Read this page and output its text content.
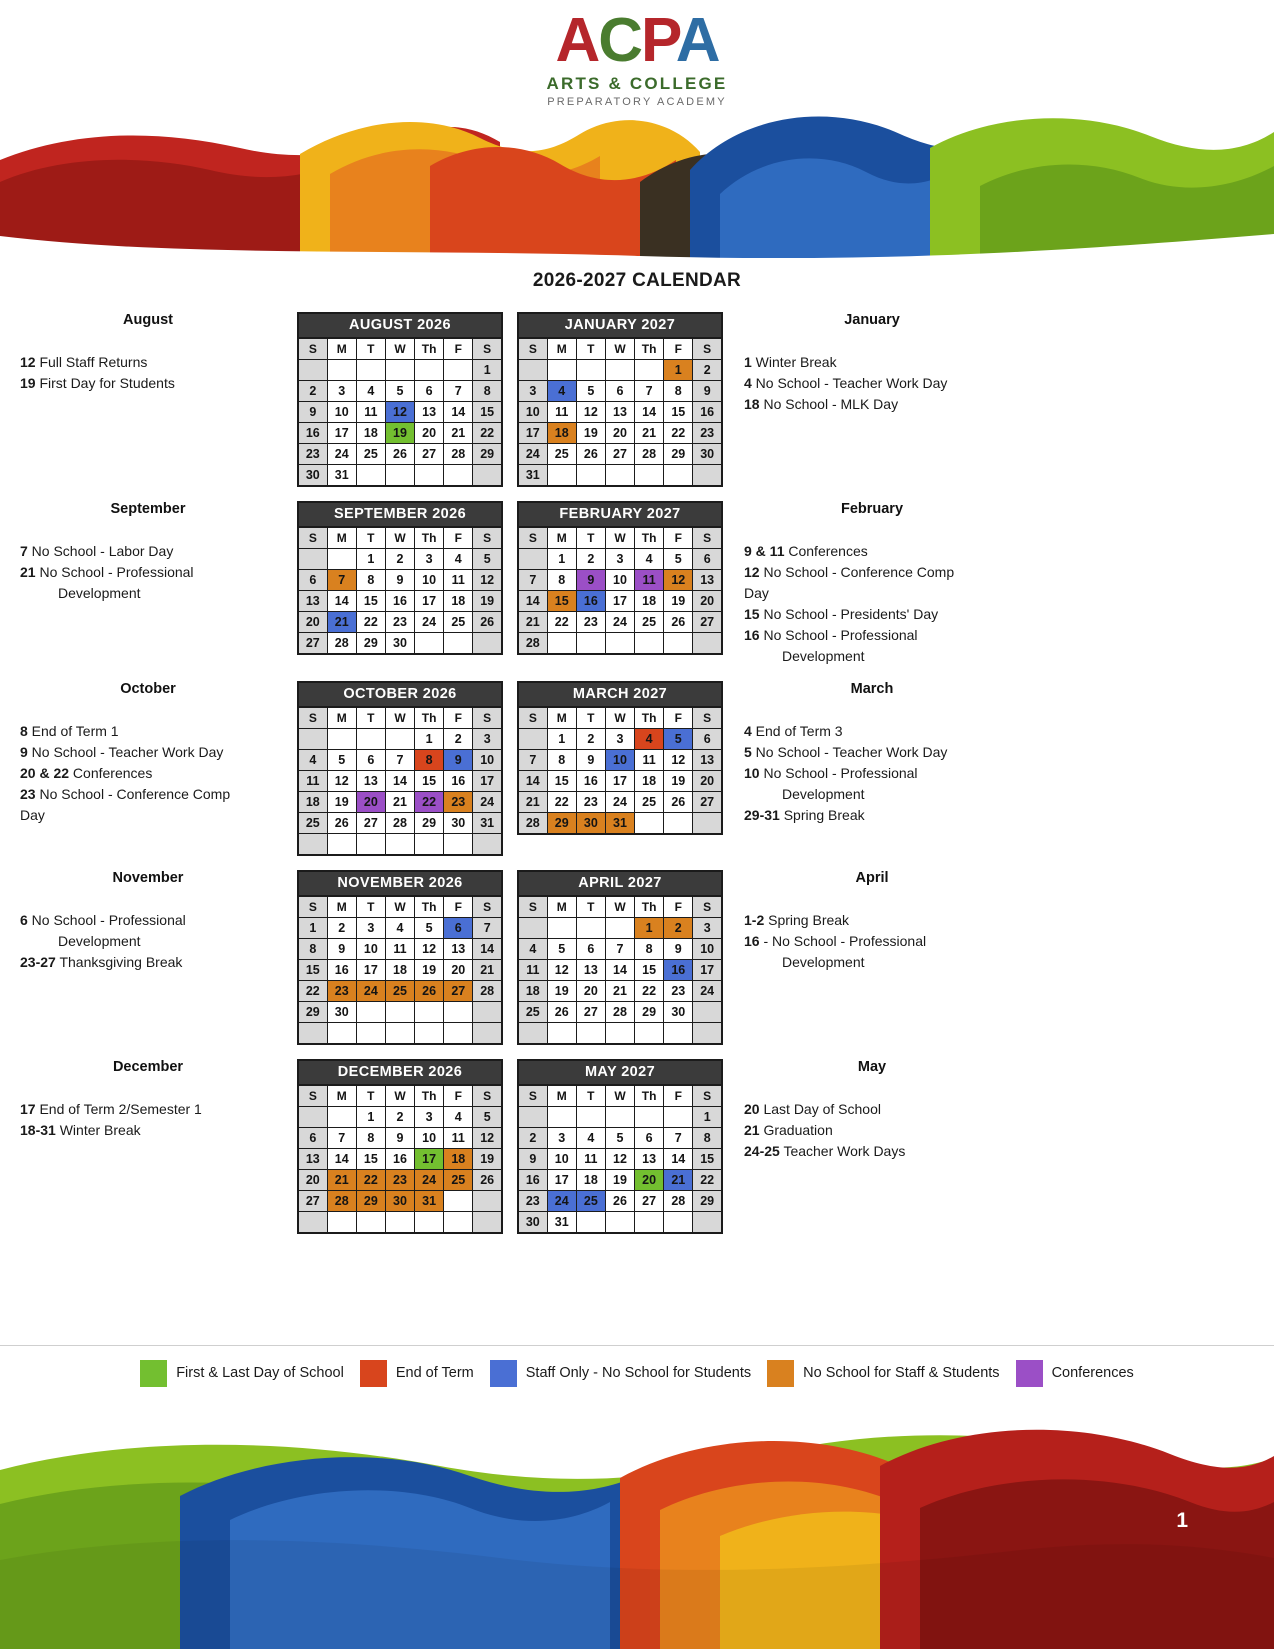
ACPA
ARTS & COLLEGE
PREPARATORY ACADEMY
2026-2027 CALENDAR
August
12 Full Staff Returns
19 First Day for Students
AUGUST 2026						
S	M	T	W	Th	F	S
						1
2	3	4	5	6	7	8
9	10	11	12	13	14	15
16	17	18	19	20	21	22
23	24	25	26	27	28	29
30	31					
JANUARY 2027						
S	M	T	W	Th	F	S
					1	2
3	4	5	6	7	8	9
10	11	12	13	14	15	16
17	18	19	20	21	22	23
24	25	26	27	28	29	30
31						
January
1 Winter Break
4 No School - Teacher Work Day
18 No School - MLK Day
September
7 No School - Labor Day
21 No School - Professional
Development
SEPTEMBER 2026						
S	M	T	W	Th	F	S
		1	2	3	4	5
6	7	8	9	10	11	12
13	14	15	16	17	18	19
20	21	22	23	24	25	26
27	28	29	30			
FEBRUARY 2027						
S	M	T	W	Th	F	S
	1	2	3	4	5	6
7	8	9	10	11	12	13
14	15	16	17	18	19	20
21	22	23	24	25	26	27
28						
February
9 & 11 Conferences
12 No School - Conference Comp
Day
15 No School - Presidents' Day
16 No School - Professional
Development
October
8 End of Term 1
9 No School - Teacher Work Day
20 & 22 Conferences
23 No School - Conference Comp
Day
OCTOBER 2026						
S	M	T	W	Th	F	S
				1	2	3
4	5	6	7	8	9	10
11	12	13	14	15	16	17
18	19	20	21	22	23	24
25	26	27	28	29	30	31

MARCH 2027						
S	M	T	W	Th	F	S
	1	2	3	4	5	6
7	8	9	10	11	12	13
14	15	16	17	18	19	20
21	22	23	24	25	26	27
28	29	30	31			
March
4 End of Term 3
5 No School - Teacher Work Day
10 No School - Professional
Development
29-31 Spring Break
November
6 No School - Professional
Development
23-27 Thanksgiving Break
NOVEMBER 2026						
S	M	T	W	Th	F	S
1	2	3	4	5	6	7
8	9	10	11	12	13	14
15	16	17	18	19	20	21
22	23	24	25	26	27	28
29	30					

APRIL 2027						
S	M	T	W	Th	F	S
				1	2	3
4	5	6	7	8	9	10
11	12	13	14	15	16	17
18	19	20	21	22	23	24
25	26	27	28	29	30	

April
1-2 Spring Break
16 - No School - Professional
Development
December
17 End of Term 2/Semester 1
18-31 Winter Break
DECEMBER 2026						
S	M	T	W	Th	F	S
		1	2	3	4	5
6	7	8	9	10	11	12
13	14	15	16	17	18	19
20	21	22	23	24	25	26
27	28	29	30	31		

MAY 2027						
S	M	T	W	Th	F	S
						1
2	3	4	5	6	7	8
9	10	11	12	13	14	15
16	17	18	19	20	21	22
23	24	25	26	27	28	29
30	31					
May
20 Last Day of School
21 Graduation
24-25 Teacher Work Days
First & Last Day of School	End of Term	Staff Only - No School for Students	No School for Staff & Students	Conferences
1
